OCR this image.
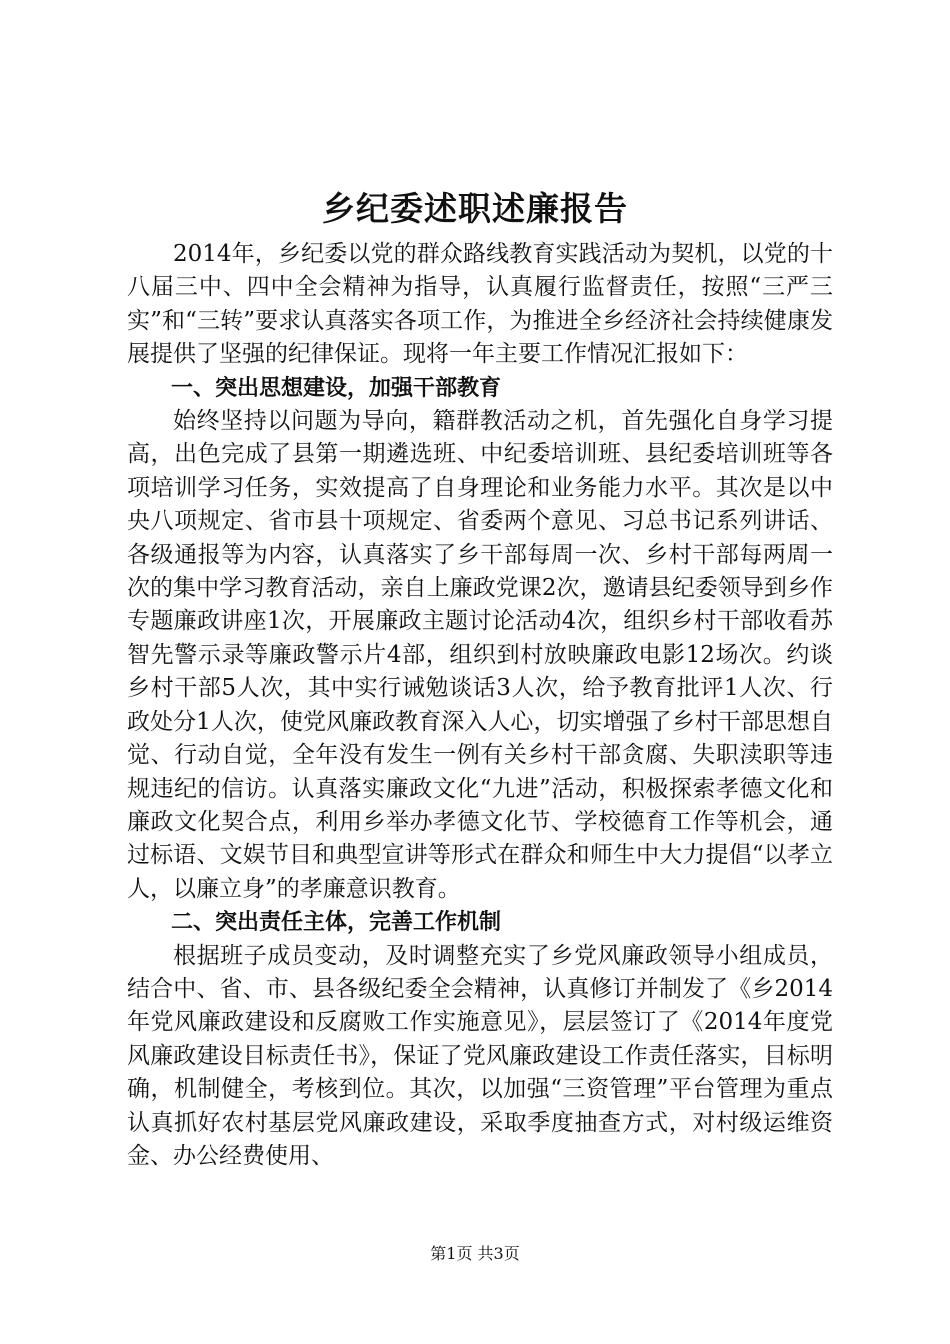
乡纪委述职述廉报告

2014年，乡纪委以党的群众路线教育实践活动为契机，以党的十八届三中、四中全会精神为指导，认真履行监督责任，按照“三严三实”和“三转”要求认真落实各项工作，为推进全乡经济社会持续健康发展提供了坚强的纪律保证。现将一年主要工作情况汇报如下：

一、突出思想建设，加强干部教育

始终坚持以问题为导向，籍群教活动之机，首先强化自身学习提高，出色完成了县第一期遴选班、中纪委培训班、县纪委培训班等各项培训学习任务，实效提高了自身理论和业务能力水平。其次是以中央八项规定、省市县十项规定、省委两个意见、习总书记系列讲话、各级通报等为内容，认真落实了乡干部每周一次、乡村干部每两周一次的集中学习教育活动，亲自上廉政党课2次，邀请县纪委领导到乡作专题廉政讲座1次，开展廉政主题讨论活动4次，组织乡村干部收看苏智先警示录等廉政警示片4部，组织到村放映廉政电影12场次。约谈乡村干部5人次，其中实行诫勉谈话3人次，给予教育批评1人次、行政处分1人次，使党风廉政教育深入人心，切实增强了乡村干部思想自觉、行动自觉，全年没有发生一例有关乡村干部贪腐、失职渎职等违规违纪的信访。认真落实廉政文化“九进”活动，积极探索孝德文化和廉政文化契合点，利用乡举办孝德文化节、学校德育工作等机会，通过标语、文娱节目和典型宣讲等形式在群众和师生中大力提倡“以孝立人，以廉立身”的孝廉意识教育。

二、突出责任主体，完善工作机制

根据班子成员变动，及时调整充实了乡党风廉政领导小组成员，结合中、省、市、县各级纪委全会精神，认真修订并制发了《乡2014年党风廉政建设和反腐败工作实施意见》，层层签订了《2014年度党风廉政建设目标责任书》，保证了党风廉政建设工作责任落实，目标明确，机制健全，考核到位。其次，以加强“三资管理”平台管理为重点认真抓好农村基层党风廉政建设，采取季度抽查方式，对村级运维资金、办公经费使用、

第1页 共3页
